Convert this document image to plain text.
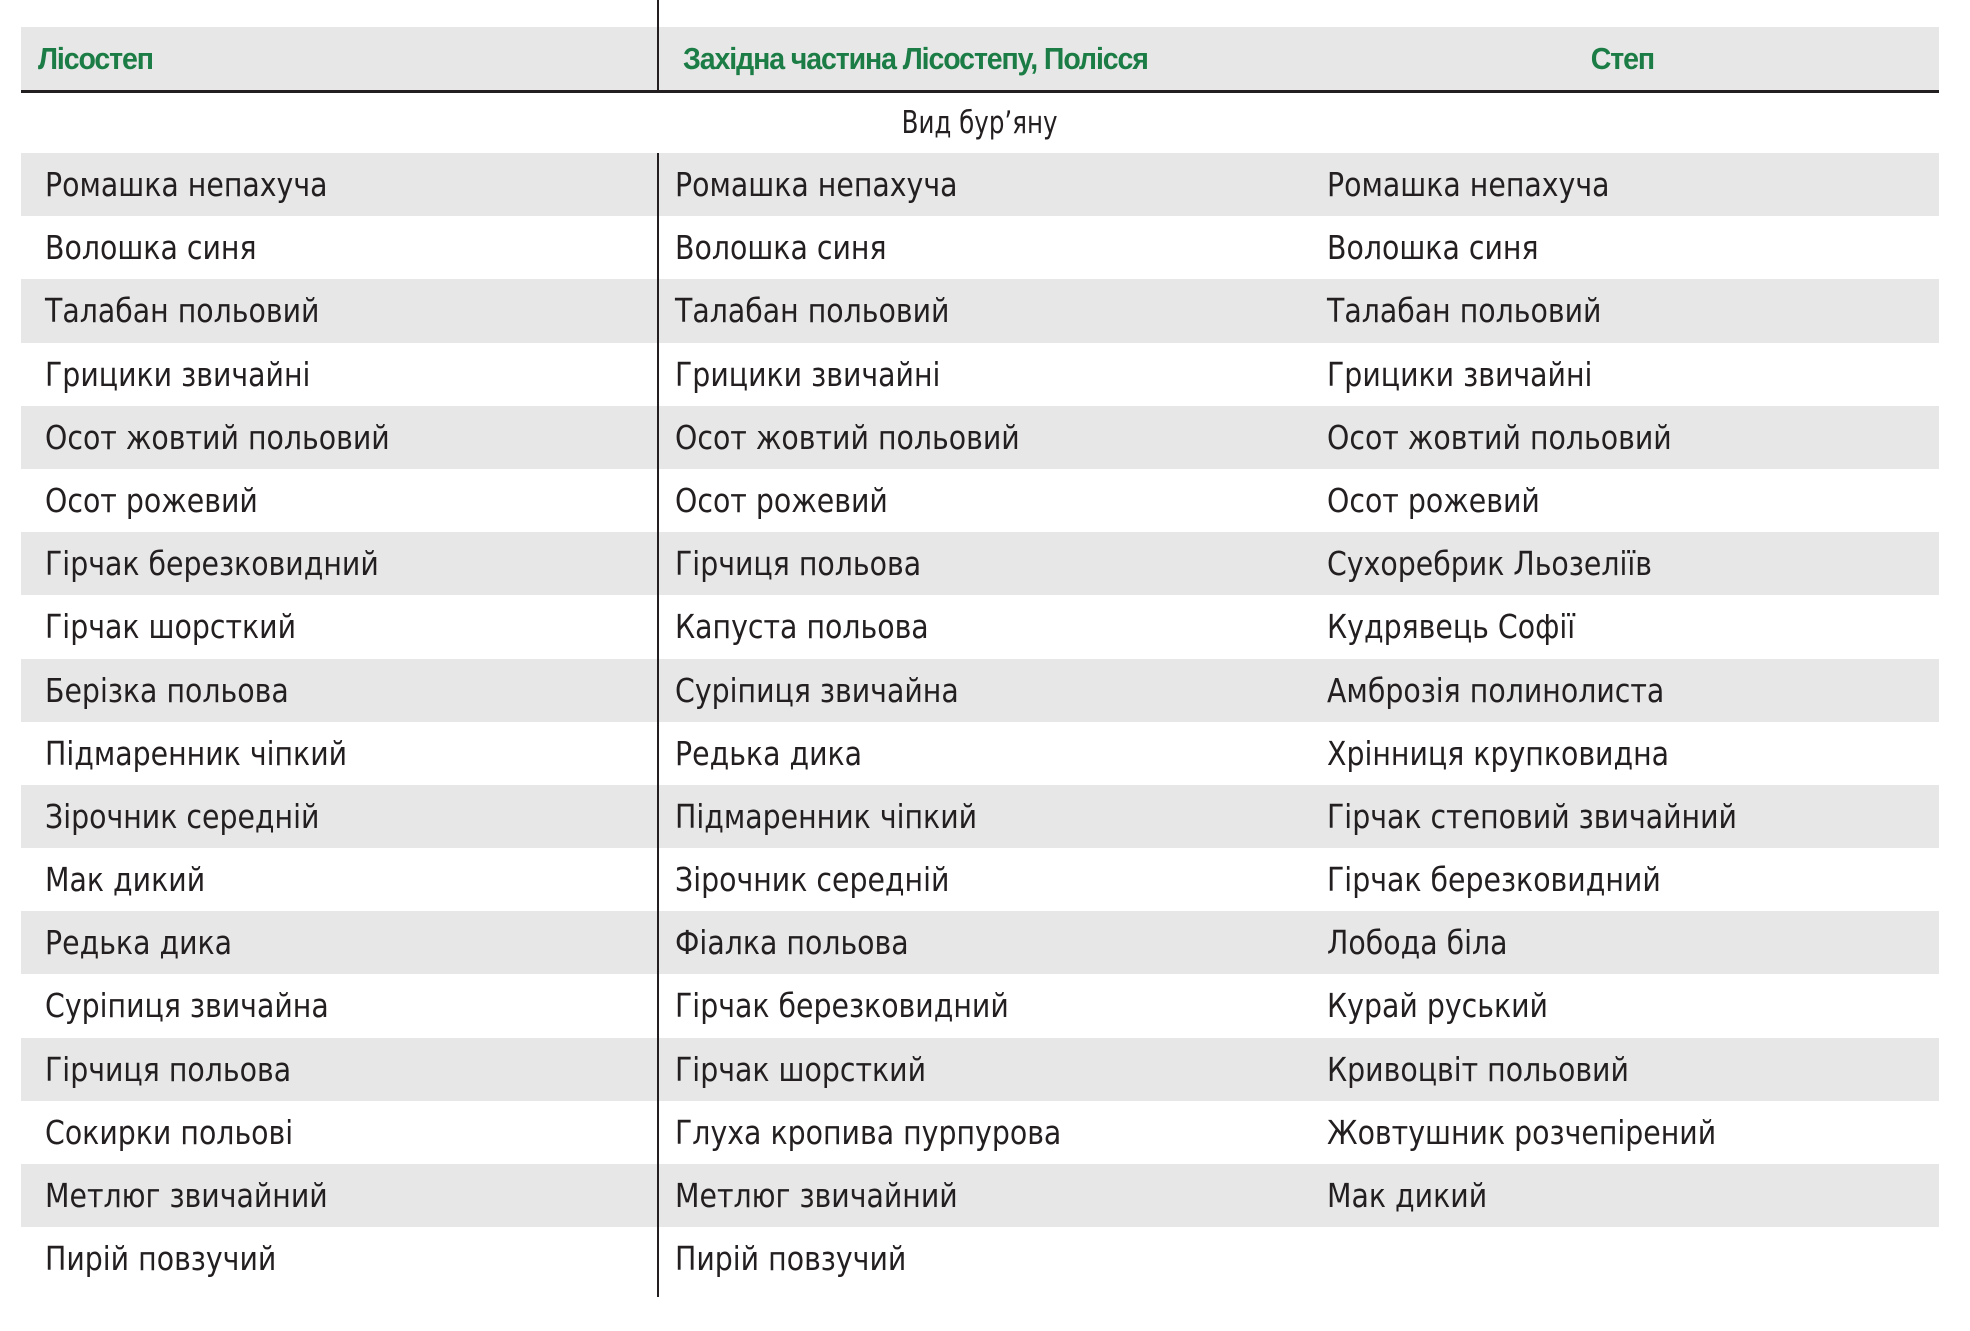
Лісостеп	Західна частина Лісостепу, Полісся	Степ
Вид бур’яну
Ромашка непахуча	Ромашка непахуча	Ромашка непахуча
Волошка синя	Волошка синя	Волошка синя
Талабан польовий	Талабан польовий	Талабан польовий
Грицики звичайні	Грицики звичайні	Грицики звичайні
Осот жовтий польовий	Осот жовтий польовий	Осот жовтий польовий
Осот рожевий	Осот рожевий	Осот рожевий
Гірчак березковидний	Гірчиця польова	Сухоребрик Льозеліїв
Гірчак шорсткий	Капуста польова	Кудрявець Софії
Берізка польова	Суріпиця звичайна	Амброзія полинолиста
Підмаренник чіпкий	Редька дика	Хрінниця крупковидна
Зірочник середній	Підмаренник чіпкий	Гірчак степовий звичайний
Мак дикий	Зірочник середній	Гірчак березковидний
Редька дика	Фіалка польова	Лобода біла
Суріпиця звичайна	Гірчак березковидний	Курай руський
Гірчиця польова	Гірчак шорсткий	Кривоцвіт польовий
Сокирки польові	Глуха кропива пурпурова	Жовтушник розчепірений
Метлюг звичайний	Метлюг звичайний	Мак дикий
Пирій повзучий	Пирій повзучий
